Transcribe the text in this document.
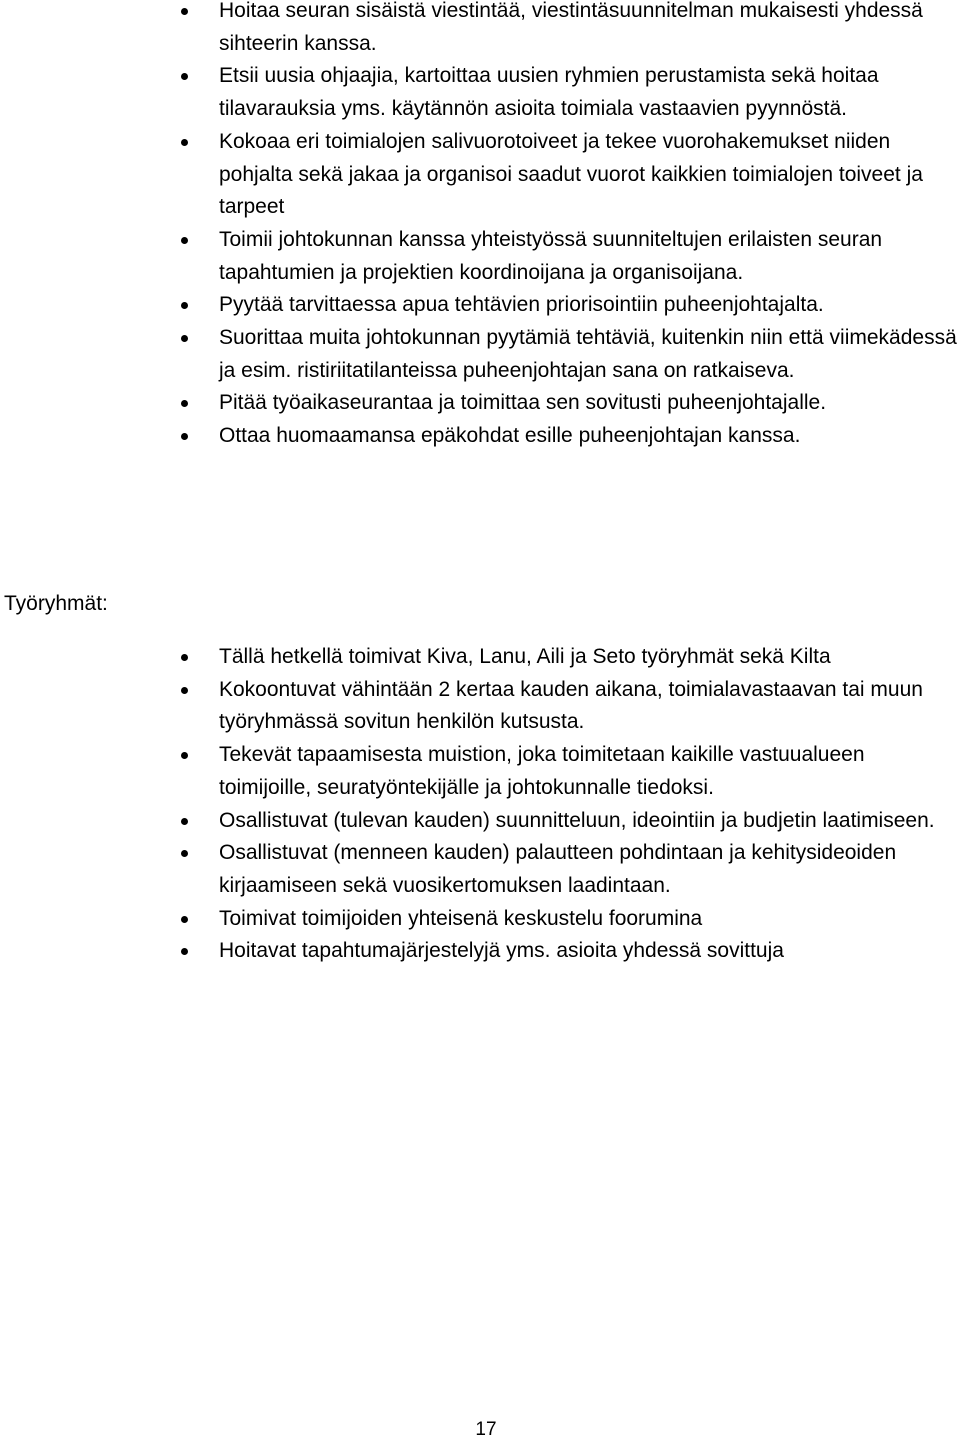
Hoitaa seuran sisäistä viestintää, viestintäsuunnitelman mukaisesti yhdessä sihteerin kanssa.
Etsii uusia ohjaajia, kartoittaa uusien ryhmien perustamista sekä hoitaa tilavarauksia yms. käytännön asioita toimiala vastaavien pyynnöstä.
Kokoaa eri toimialojen salivuorotoiveet ja tekee vuorohakemukset niiden pohjalta sekä jakaa ja organisoi saadut vuorot kaikkien toimialojen toiveet ja tarpeet
Toimii johtokunnan kanssa yhteistyössä suunniteltujen erilaisten seuran tapahtumien ja projektien koordinoijana ja organisoijana.
Pyytää tarvittaessa apua tehtävien priorisointiin puheenjohtajalta.
Suorittaa muita johtokunnan pyytämiä tehtäviä, kuitenkin niin että viimekädessä ja esim. ristiriitatilanteissa puheenjohtajan sana on ratkaiseva.
Pitää työaikaseurantaa ja toimittaa sen sovitusti puheenjohtajalle.
Ottaa huomaamansa epäkohdat esille puheenjohtajan kanssa.
Työryhmät:
Tällä hetkellä toimivat Kiva, Lanu, Aili ja Seto työryhmät sekä Kilta
Kokoontuvat vähintään 2 kertaa kauden aikana, toimialavastaavan tai muun työryhmässä sovitun henkilön kutsusta.
Tekevät tapaamisesta muistion, joka toimitetaan kaikille vastuualueen toimijoille, seuratyöntekijälle ja johtokunnalle tiedoksi.
Osallistuvat (tulevan kauden) suunnitteluun, ideointiin ja budjetin laatimiseen.
Osallistuvat (menneen kauden) palautteen pohdintaan ja kehitysideoiden kirjaamiseen sekä vuosikertomuksen laadintaan.
Toimivat toimijoiden yhteisenä keskustelu foorumina
Hoitavat tapahtumajärjestelyjä yms. asioita yhdessä sovittuja
17
